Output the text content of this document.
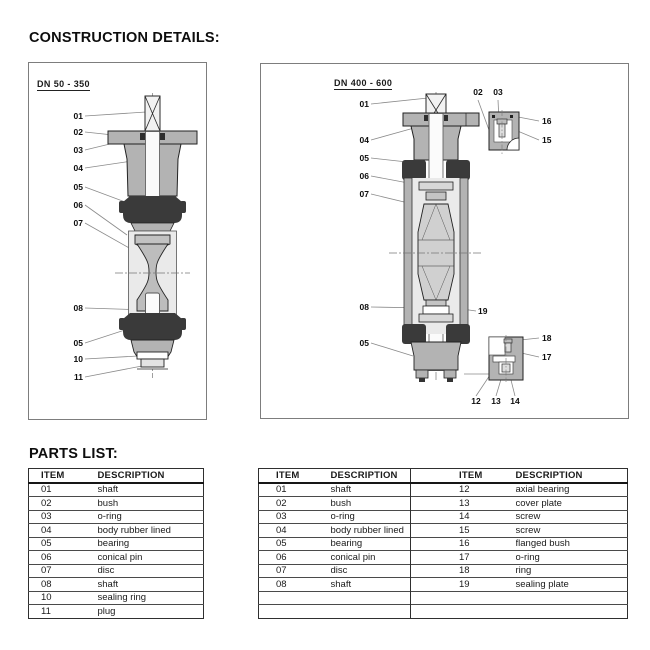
CONSTRUCTION DETAILS:
DN 50 - 350
01
02
03
04
05
06
07
08
05
10
11
DN 400 - 600
01
04
05
06
07
08
05
19
02	03
16
15
18
17
12	13	14
PARTS LIST:
ITEM	DESCRIPTION
01	shaft
02	bush
03	o-ring
04	body rubber lined
05	bearing
06	conical pin
07	disc
08	shaft
10	sealing ring
11	plug
ITEM	DESCRIPTION	ITEM	DESCRIPTION
01	shaft	12	axial bearing
02	bush	13	cover plate
03	o-ring	14	screw
04	body rubber lined	15	screw
05	bearing	16	flanged bush
06	conical pin	17	o-ring
07	disc	18	ring
08	shaft	19	sealing plate
